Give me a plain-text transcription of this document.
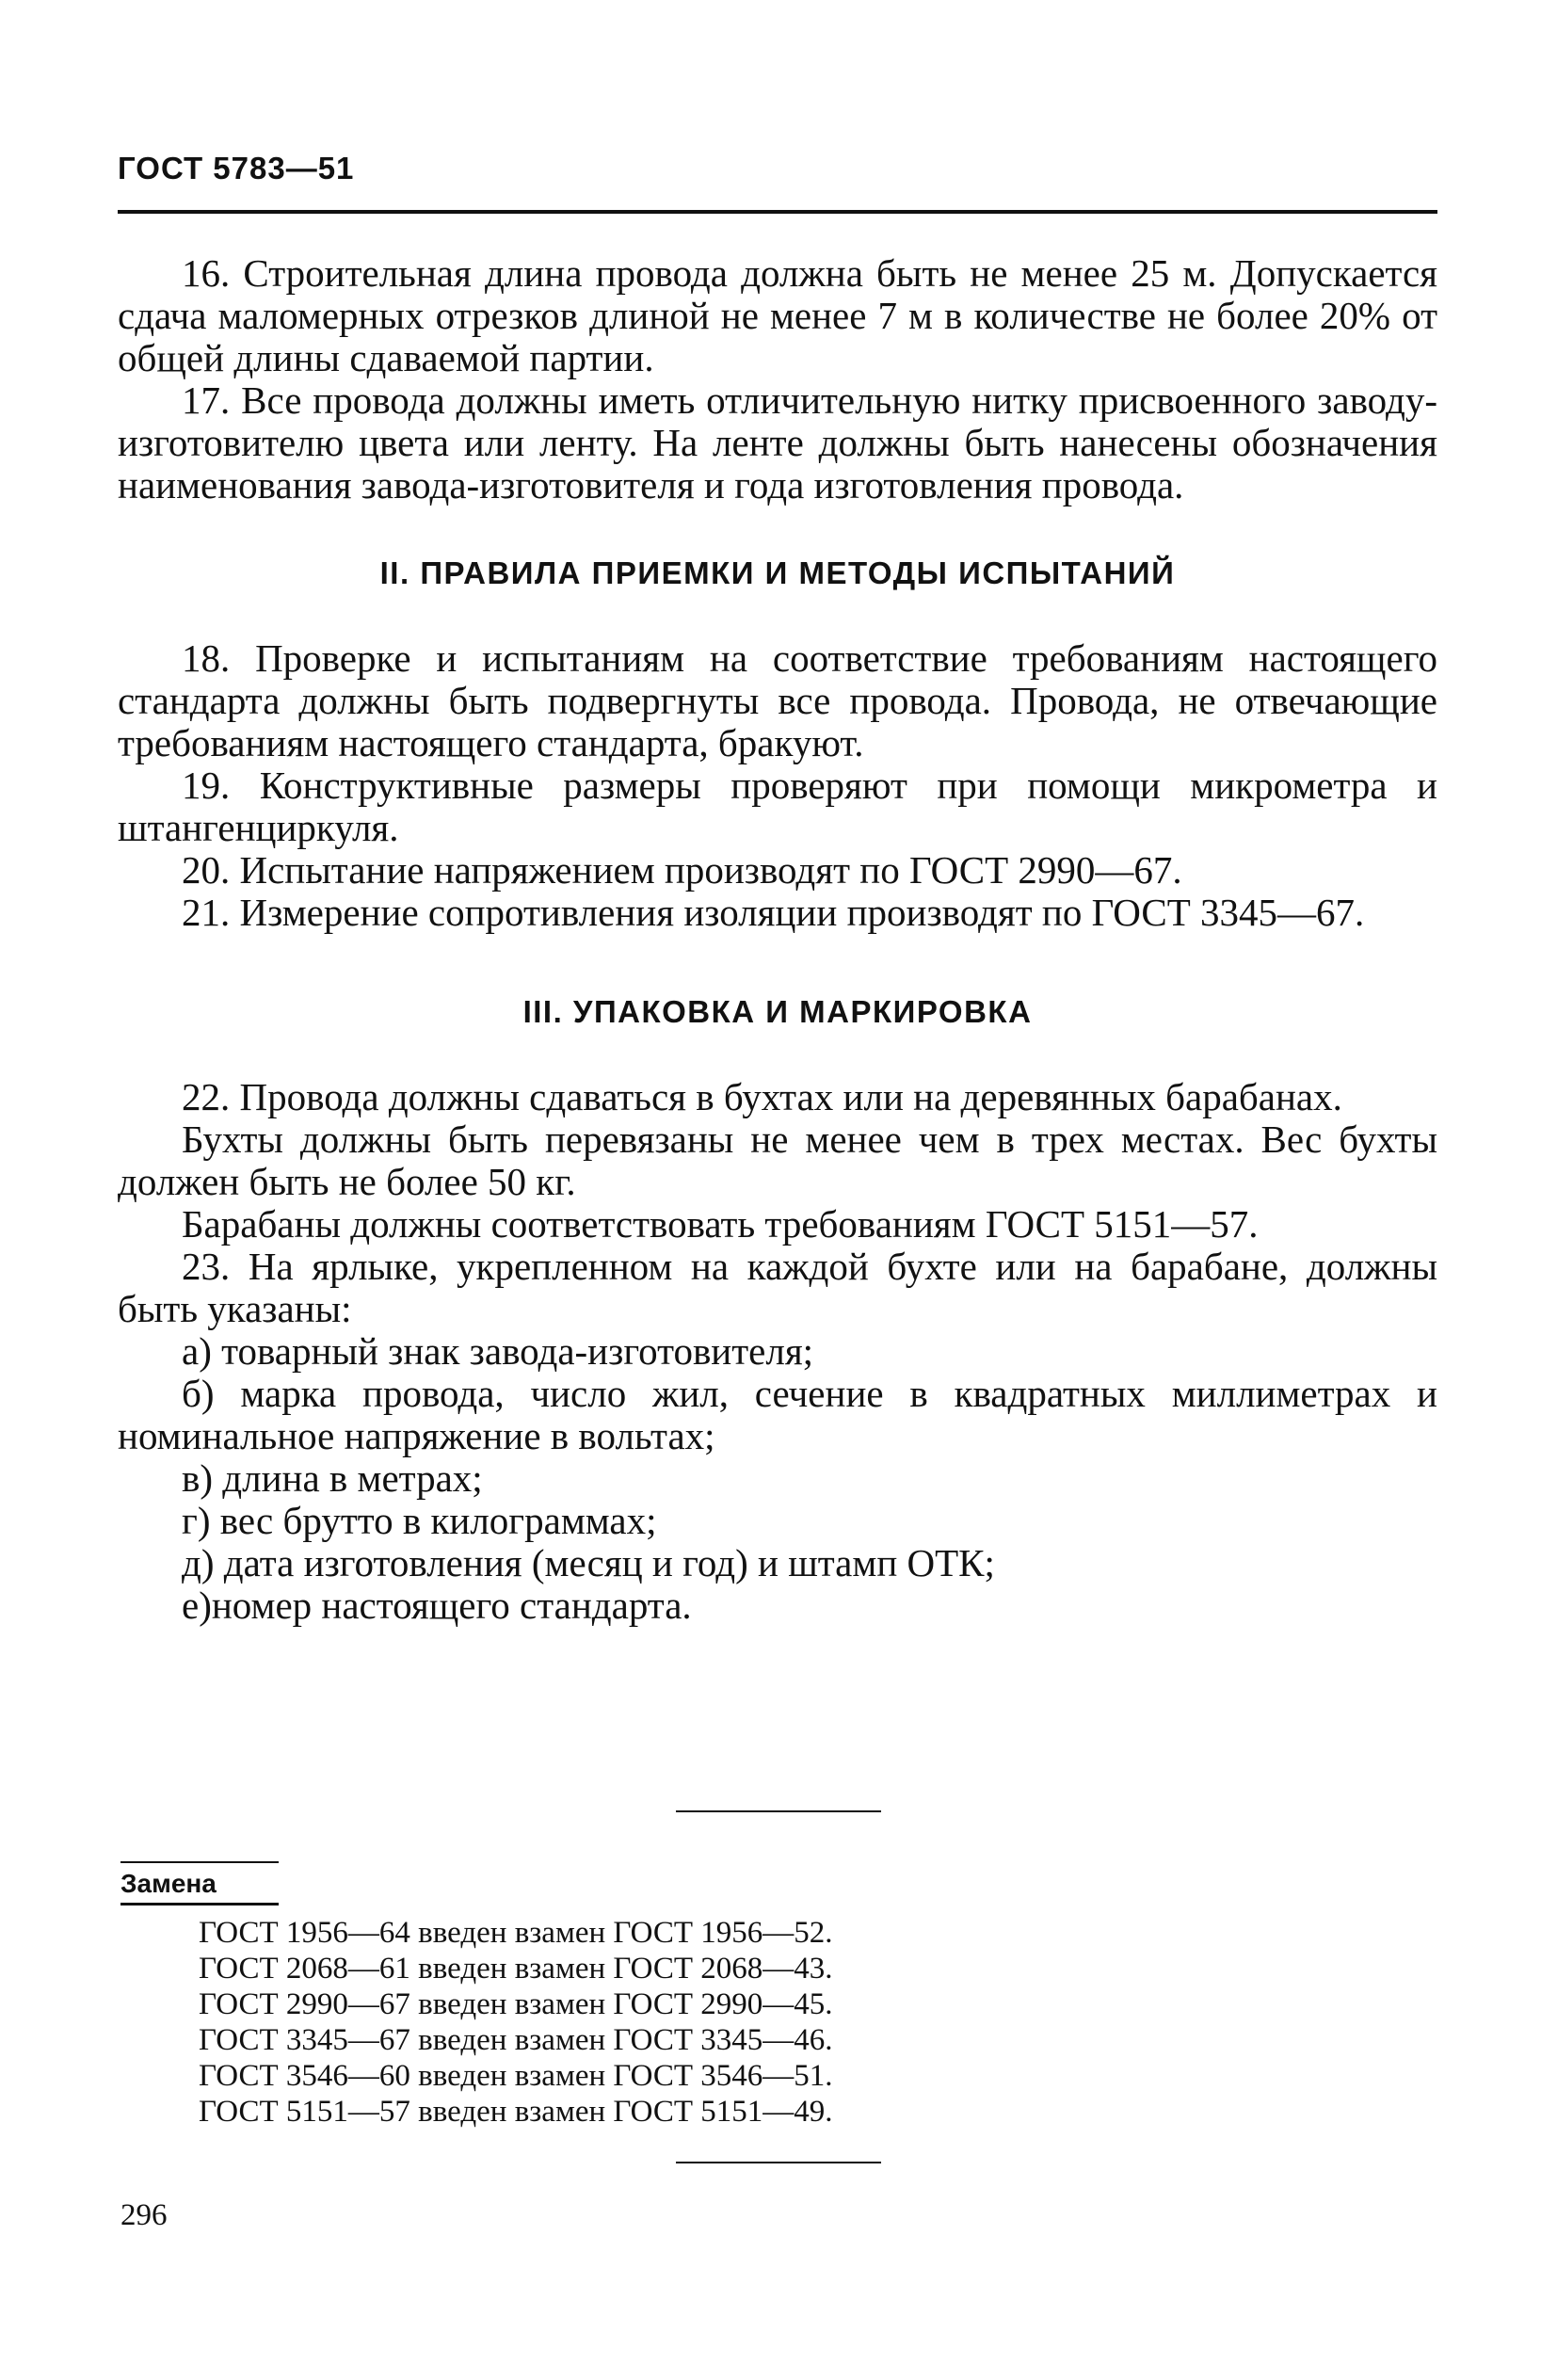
ГОСТ 5783—51

16. Строительная длина провода должна быть не менее 25 м. Допускается сдача маломерных отрезков длиной не менее 7 м в количестве не более 20% от общей длины сдаваемой партии.

17. Все провода должны иметь отличительную нитку присвоенного заводу-изготовителю цвета или ленту. На ленте должны быть нанесены обозначения наименования завода-изготовителя и года изготовления провода.

II. ПРАВИЛА ПРИЕМКИ И МЕТОДЫ ИСПЫТАНИЙ

18. Проверке и испытаниям на соответствие требованиям настоящего стандарта должны быть подвергнуты все провода. Провода, не отвечающие требованиям настоящего стандарта, бракуют.

19. Конструктивные размеры проверяют при помощи микрометра и штангенциркуля.

20. Испытание напряжением производят по ГОСТ 2990—67.

21. Измерение сопротивления изоляции производят по ГОСТ 3345—67.

III. УПАКОВКА И МАРКИРОВКА

22. Провода должны сдаваться в бухтах или на деревянных барабанах.

Бухты должны быть перевязаны не менее чем в трех местах. Вес бухты должен быть не более 50 кг.

Барабаны должны соответствовать требованиям ГОСТ 5151—57.

23. На ярлыке, укрепленном на каждой бухте или на барабане, должны быть указаны:

а) товарный знак завода-изготовителя;

б) марка провода, число жил, сечение в квадратных миллиметрах и номинальное напряжение в вольтах;

в) длина в метрах;

г) вес брутто в килограммах;

д) дата изготовления (месяц и год) и штамп ОТК;

е)номер настоящего стандарта.

Замена
ГОСТ 1956—64 введен взамен ГОСТ 1956—52.
ГОСТ 2068—61 введен взамен ГОСТ 2068—43.
ГОСТ 2990—67 введен взамен ГОСТ 2990—45.
ГОСТ 3345—67 введен взамен ГОСТ 3345—46.
ГОСТ 3546—60 введен взамен ГОСТ 3546—51.
ГОСТ 5151—57 введен взамен ГОСТ 5151—49.
296
